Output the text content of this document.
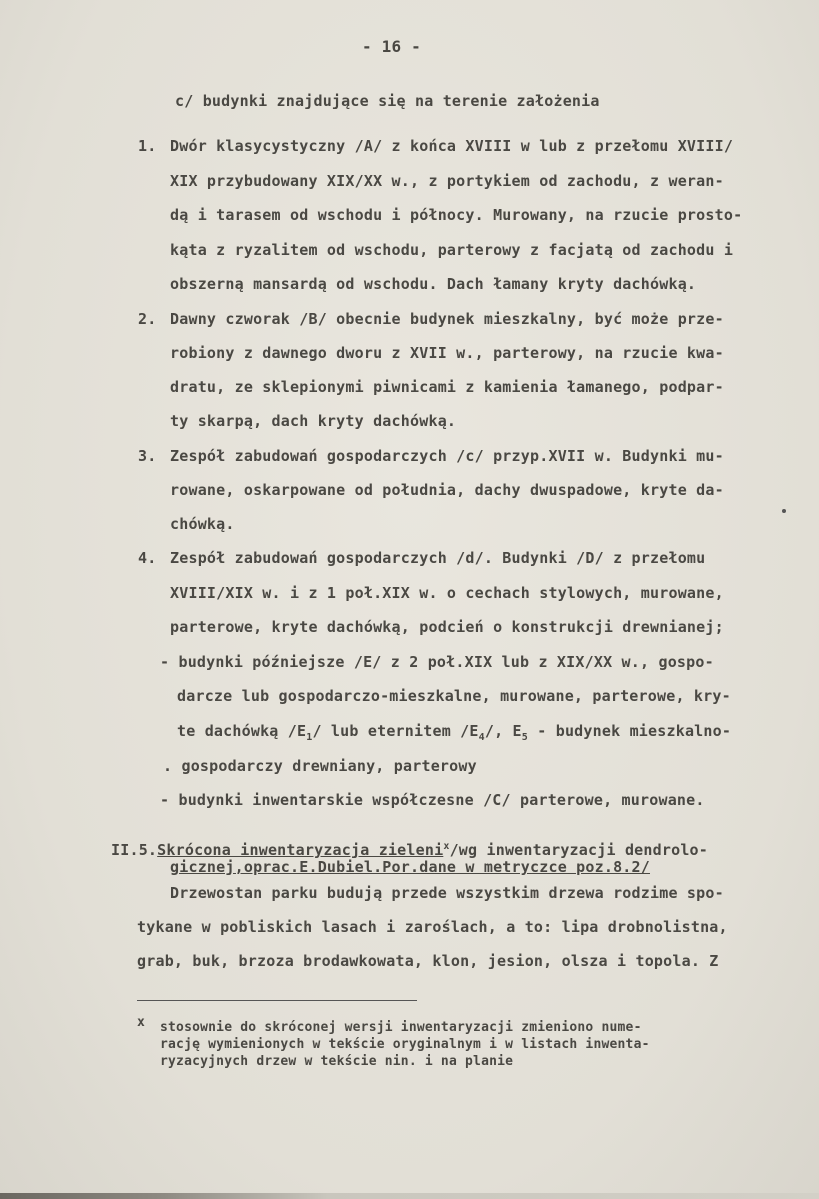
- 16 -
c/ budynki znajdujące się na terenie założenia
1. Dwór klasycystyczny /A/ z końca XVIII w lub z przełomu XVIII/
XIX przybudowany XIX/XX w., z portykiem od zachodu, z weran-
dą i tarasem od wschodu i północy. Murowany, na rzucie prosto-
kąta z ryzalitem od wschodu, parterowy z facjatą od zachodu i
obszerną mansardą od wschodu. Dach łamany kryty dachówką.
2. Dawny czworak /B/ obecnie budynek mieszkalny, być może prze-
robiony z dawnego dworu z XVII w., parterowy, na rzucie kwa-
dratu, ze sklepionymi piwnicami z kamienia łamanego, podpar-
ty skarpą, dach kryty dachówką.
3. Zespół zabudowań gospodarczych /c/ przyp.XVII w. Budynki mu-
rowane, oskarpowane od południa, dachy dwuspadowe, kryte da-
chówką.
4. Zespół zabudowań gospodarczych /d/. Budynki /D/ z przełomu
XVIII/XIX w. i z 1 poł.XIX w. o cechach stylowych, murowane,
parterowe, kryte dachówką, podcień o konstrukcji drewnianej;
- budynki późniejsze /E/ z 2 poł.XIX lub z XIX/XX w., gospo-
darcze lub gospodarczo-mieszkalne, murowane, parterowe, kry-
te dachówką $/E_1/$ lub eternitem $/E_4/$, $E_5$ - budynek mieszkalno-
. gospodarczy drewniany, parterowy
- budynki inwentarskie współczesne /C/ parterowe, murowane.
II.5.Skrócona inwentaryzacja zieleni$^x$/wg inwentaryzacji dendrolo-
gicznej,oprac.E.Dubiel.Por.dane w metryczce poz.8.2/
Drzewostan parku budują przede wszystkim drzewa rodzime spo-
tykane w pobliskich lasach i zaroślach, a to: lipa drobnolistna,
grab, buk, brzoza brodawkowata, klon, jesion, olsza i topola. Z
x stosownie do skróconej wersji inwentaryzacji zmieniono nume-
rację wymienionych w tekście oryginalnym i w listach inwenta-
ryzacyjnych drzew w tekście nin. i na planie
